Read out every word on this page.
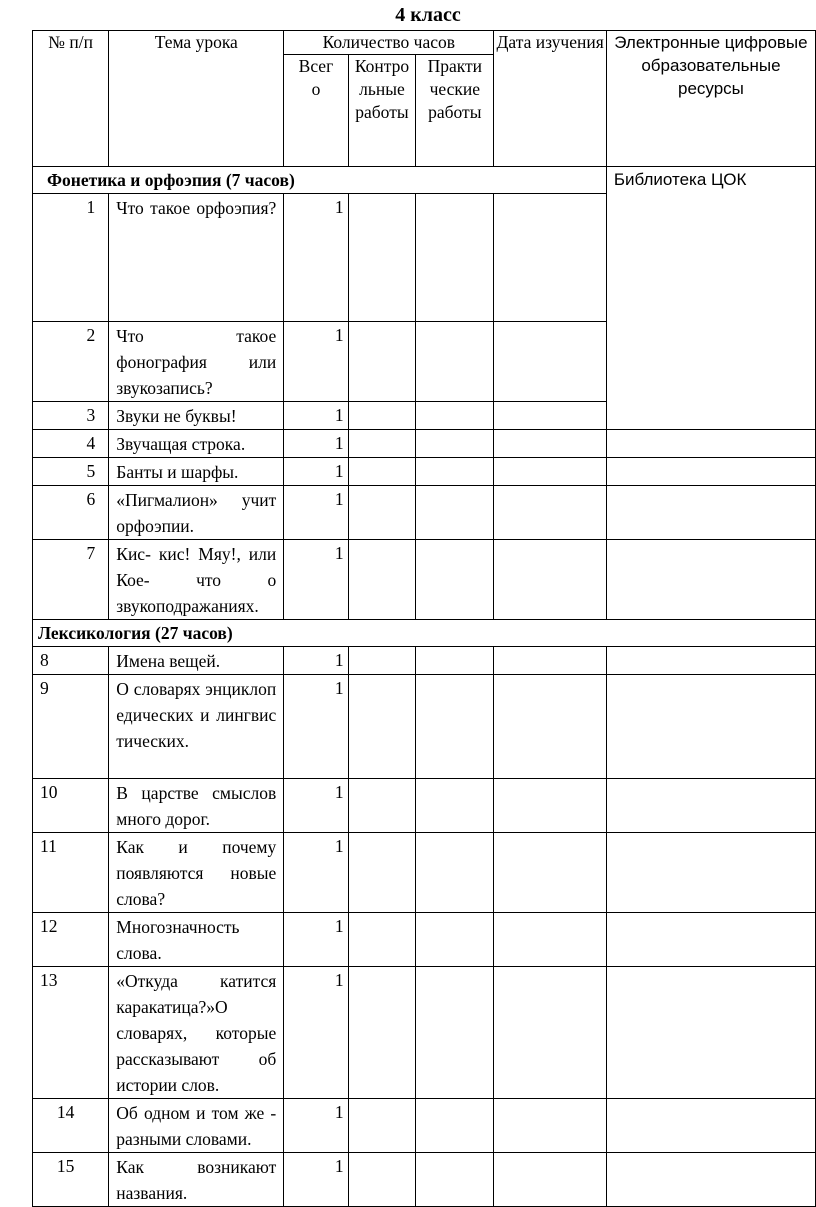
4 класс
№ п/п	Тема урока	Количество часов			Дата изучения	Электронные цифровые образовательные ресурсы
		Всего	Контрольные работы	Практические работы		
Фонетика и орфоэпия (7 часов)						Библиотека ЦОК
1	Что такое орфоэпия?	1				
2	Что такое фонография или звукозапись?	1				
3	Звуки не буквы!	1				
4	Звучащая строка.	1				
5	Банты и шарфы.	1				
6	«Пигмалион» учит орфоэпии.	1				
7	Кис- кис! Мяу!, или Кое- что о звукоподражаниях.	1				
Лексикология (27 часов)						
8	Имена вещей.	1				
9	О словарях энциклопедических и лингвистических.	1				
10	В царстве смыслов много дорог.	1				
11	Как и почему появляются новые слова?	1				
12	Многозначность слова.	1				
13	«Откуда катится каракатица?»О словарях, которые рассказывают об истории слов.	1				
14	Об одном и том же - разными словами.	1				
15	Как возникают названия.	1				
